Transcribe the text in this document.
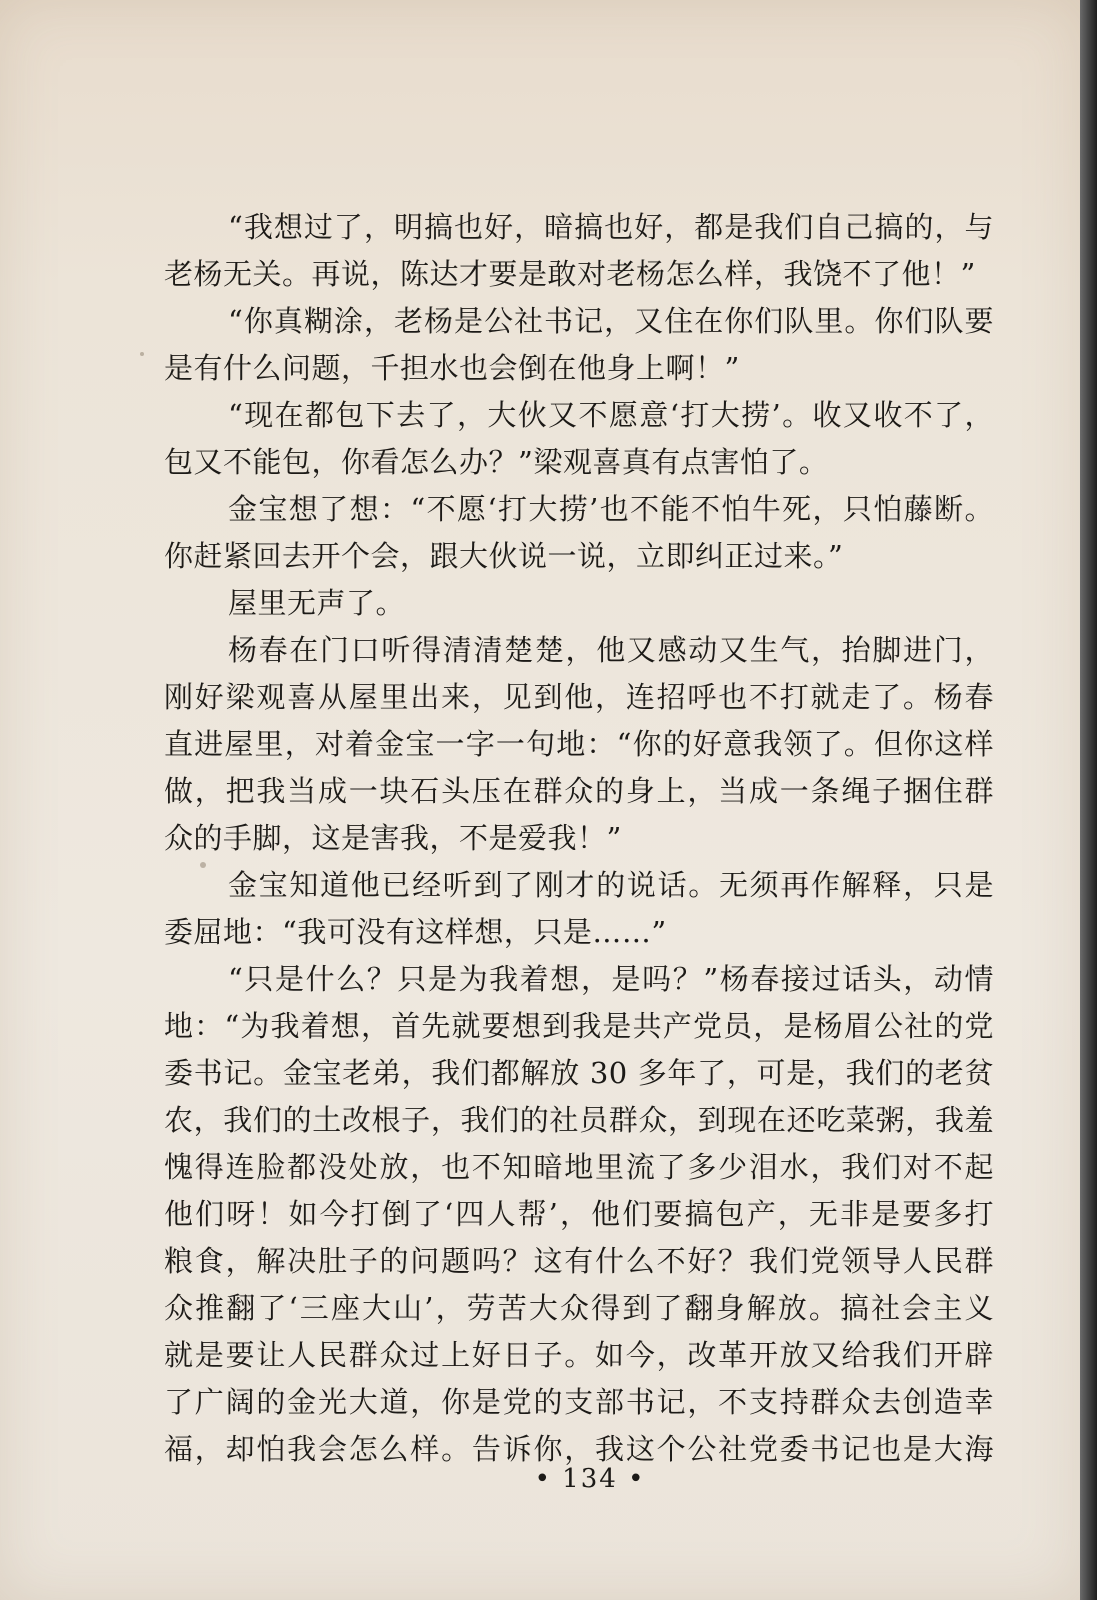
“我想过了，明搞也好，暗搞也好，都是我们自己搞的，与
老杨无关。再说，陈达才要是敢对老杨怎么样，我饶不了他！”
“你真糊涂，老杨是公社书记，又住在你们队里。你们队要
是有什么问题，千担水也会倒在他身上啊！”
“现在都包下去了，大伙又不愿意‘打大捞’。收又收不了，
包又不能包，你看怎么办？”梁观喜真有点害怕了。
金宝想了想：“不愿‘打大捞’也不能不怕牛死，只怕藤断。
你赶紧回去开个会，跟大伙说一说，立即纠正过来。”
屋里无声了。
杨春在门口听得清清楚楚，他又感动又生气，抬脚进门，
刚好梁观喜从屋里出来，见到他，连招呼也不打就走了。杨春
直进屋里，对着金宝一字一句地：“你的好意我领了。但你这样
做，把我当成一块石头压在群众的身上，当成一条绳子捆住群
众的手脚，这是害我，不是爱我！”
金宝知道他已经听到了刚才的说话。无须再作解释，只是
委屈地：“我可没有这样想，只是……”
“只是什么？只是为我着想，是吗？”杨春接过话头，动情
地：“为我着想，首先就要想到我是共产党员，是杨眉公社的党
委书记。金宝老弟，我们都解放 30 多年了，可是，我们的老贫
农，我们的土改根子，我们的社员群众，到现在还吃菜粥，我羞
愧得连脸都没处放，也不知暗地里流了多少泪水，我们对不起
他们呀！如今打倒了‘四人帮’，他们要搞包产，无非是要多打
粮食，解决肚子的问题吗？这有什么不好？我们党领导人民群
众推翻了‘三座大山’，劳苦大众得到了翻身解放。搞社会主义
就是要让人民群众过上好日子。如今，改革开放又给我们开辟
了广阔的金光大道，你是党的支部书记，不支持群众去创造幸
福，却怕我会怎么样。告诉你，我这个公社党委书记也是大海
• 134 •
